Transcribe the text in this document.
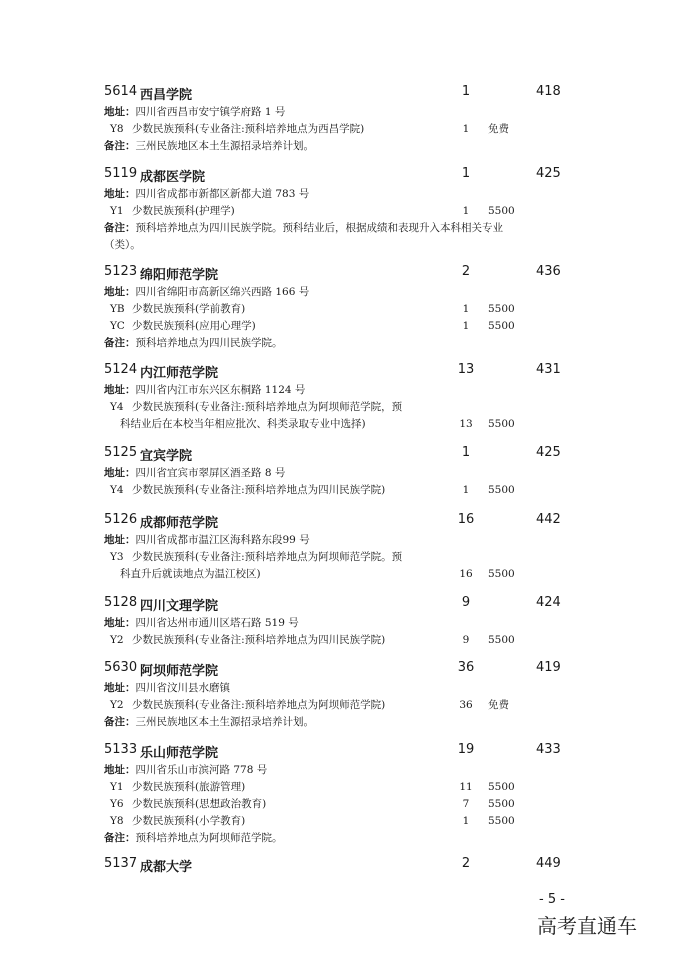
5614 西昌学院	1	418
地址：四川省西昌市安宁镇学府路 1 号
Y8 少数民族预科(专业备注:预科培养地点为西昌学院)	1	免费
备注：三州民族地区本土生源招录培养计划。
5119 成都医学院	1	425
地址：四川省成都市新都区新都大道 783 号
Y1 少数民族预科(护理学)	1	5500
备注：预科培养地点为四川民族学院。预科结业后，根据成绩和表现升入本科相关专业
（类）。
5123 绵阳师范学院	2	436
地址：四川省绵阳市高新区绵兴西路 166 号
YB 少数民族预科(学前教育)	1	5500
YC 少数民族预科(应用心理学)	1	5500
备注：预科培养地点为四川民族学院。
5124 内江师范学院	13	431
地址：四川省内江市东兴区东桐路 1124 号
Y4 少数民族预科(专业备注:预科培养地点为阿坝师范学院，预
科结业后在本校当年相应批次、科类录取专业中选择)	13	5500
5125 宜宾学院	1	425
地址：四川省宜宾市翠屏区酒圣路 8 号
Y4 少数民族预科(专业备注:预科培养地点为四川民族学院)	1	5500
5126 成都师范学院	16	442
地址：四川省成都市温江区海科路东段99 号
Y3 少数民族预科(专业备注:预科培养地点为阿坝师范学院。预
科直升后就读地点为温江校区)	16	5500
5128 四川文理学院	9	424
地址：四川省达州市通川区塔石路 519 号
Y2 少数民族预科(专业备注:预科培养地点为四川民族学院)	9	5500
5630 阿坝师范学院	36	419
地址：四川省汶川县水磨镇
Y2 少数民族预科(专业备注:预科培养地点为阿坝师范学院)	36	免费
备注：三州民族地区本土生源招录培养计划。
5133 乐山师范学院	19	433
地址：四川省乐山市滨河路 778 号
Y1 少数民族预科(旅游管理)	11	5500
Y6 少数民族预科(思想政治教育)	7	5500
Y8 少数民族预科(小学教育)	1	5500
备注：预科培养地点为阿坝师范学院。
5137 成都大学	2	449
- 5 -
高考直通车
